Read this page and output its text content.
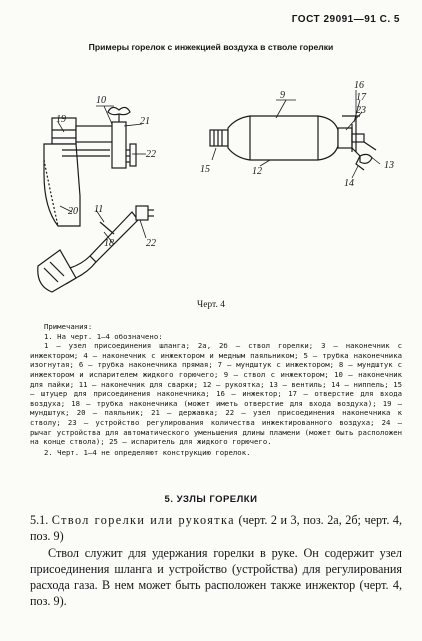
ГОСТ 29091—91 С. 5
Примеры горелок с инжекцией воздуха в стволе горелки
10
19	21
22
20 11
18	22
16
9	17
23
13
15	12
14
Черт. 4
Примечания:
1. На черт. 1—4 обозначено:
1 — узел присоединения шланга; 2а, 2б — ствол горелки; 3 — наконечник с инжектором; 4 — наконечник с инжектором и медным паяльником; 5 — трубка наконечника изогнутая; 6 — трубка наконечника прямая; 7 — мундштук с инжектором; 8 — мундштук с инжектором и испарителем жидкого горючего; 9 — ствол с инжектором; 10 — наконечник для пайки; 11 — наконечник для сварки; 12 — рукоятка; 13 — вентиль; 14 — ниппель; 15 — штуцер для присоединения наконечника; 16 — инжектор; 17 — отверстие для входа воздуха; 18 — трубка наконечника (может иметь отверстие для входа воздуха); 19 — мундштук; 20 — паяльник; 21 — державка; 22 — узел присоединения наконечника к стволу; 23 — устройство регулирования количества инжектированного воздуха; 24 — рычаг устройства для автоматического уменьшения длины пламени (может быть расположен на конце ствола); 25 — испаритель для жидкого горючего.
2. Черт. 1—4 не определяют конструкцию горелок.
5. УЗЛЫ ГОРЕЛКИ
5.1. Ствол горелки или рукоятка (черт. 2 и 3, поз. 2а, 2б; черт. 4, поз. 9)
Ствол служит для удержания горелки в руке. Он содержит узел присоединения шланга и устройство (устройства) для регулирования расхода газа. В нем может быть расположен также инжектор (черт. 4, поз. 9).
